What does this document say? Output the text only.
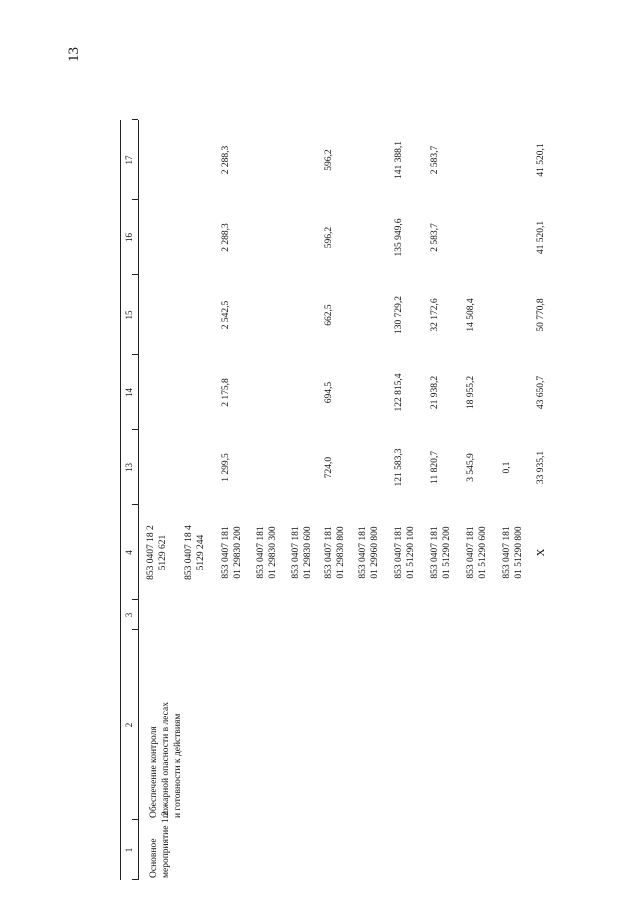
13
1
2
3
4
13
14
15
16
17
Основное мероприятие 1.2
Обеспечение контроля пожарной опасности в лесах и готовности к действиям
853 0407 18 2 5129 621 853 0407 18 4 5129 244 853 0407 181 01 29830 200
1 299,5
2 175,8
2 542,5
2 288,3
2 288,3
853 0407 181 01 29830 300 853 0407 181 01 29830 600 853 0407 181 01 29830 800
724,0
694,5
662,5
596,2
596,2
853 0407 181 01 29960 800 853 0407 181 01 51290 100
121 583,3
122 815,4
130 729,2
135 949,6
141 388,1
853 0407 181 01 51290 200
11 820,7
21 938,2
32 172,6
2 583,7
2 583,7
853 0407 181 01 51290 600
3 545,9
18 955,2
14 508,4
853 0407 181 01 51290 800
0,1
X
33 935,1
43 650,7
50 770,8
41 520,1
41 520,1
